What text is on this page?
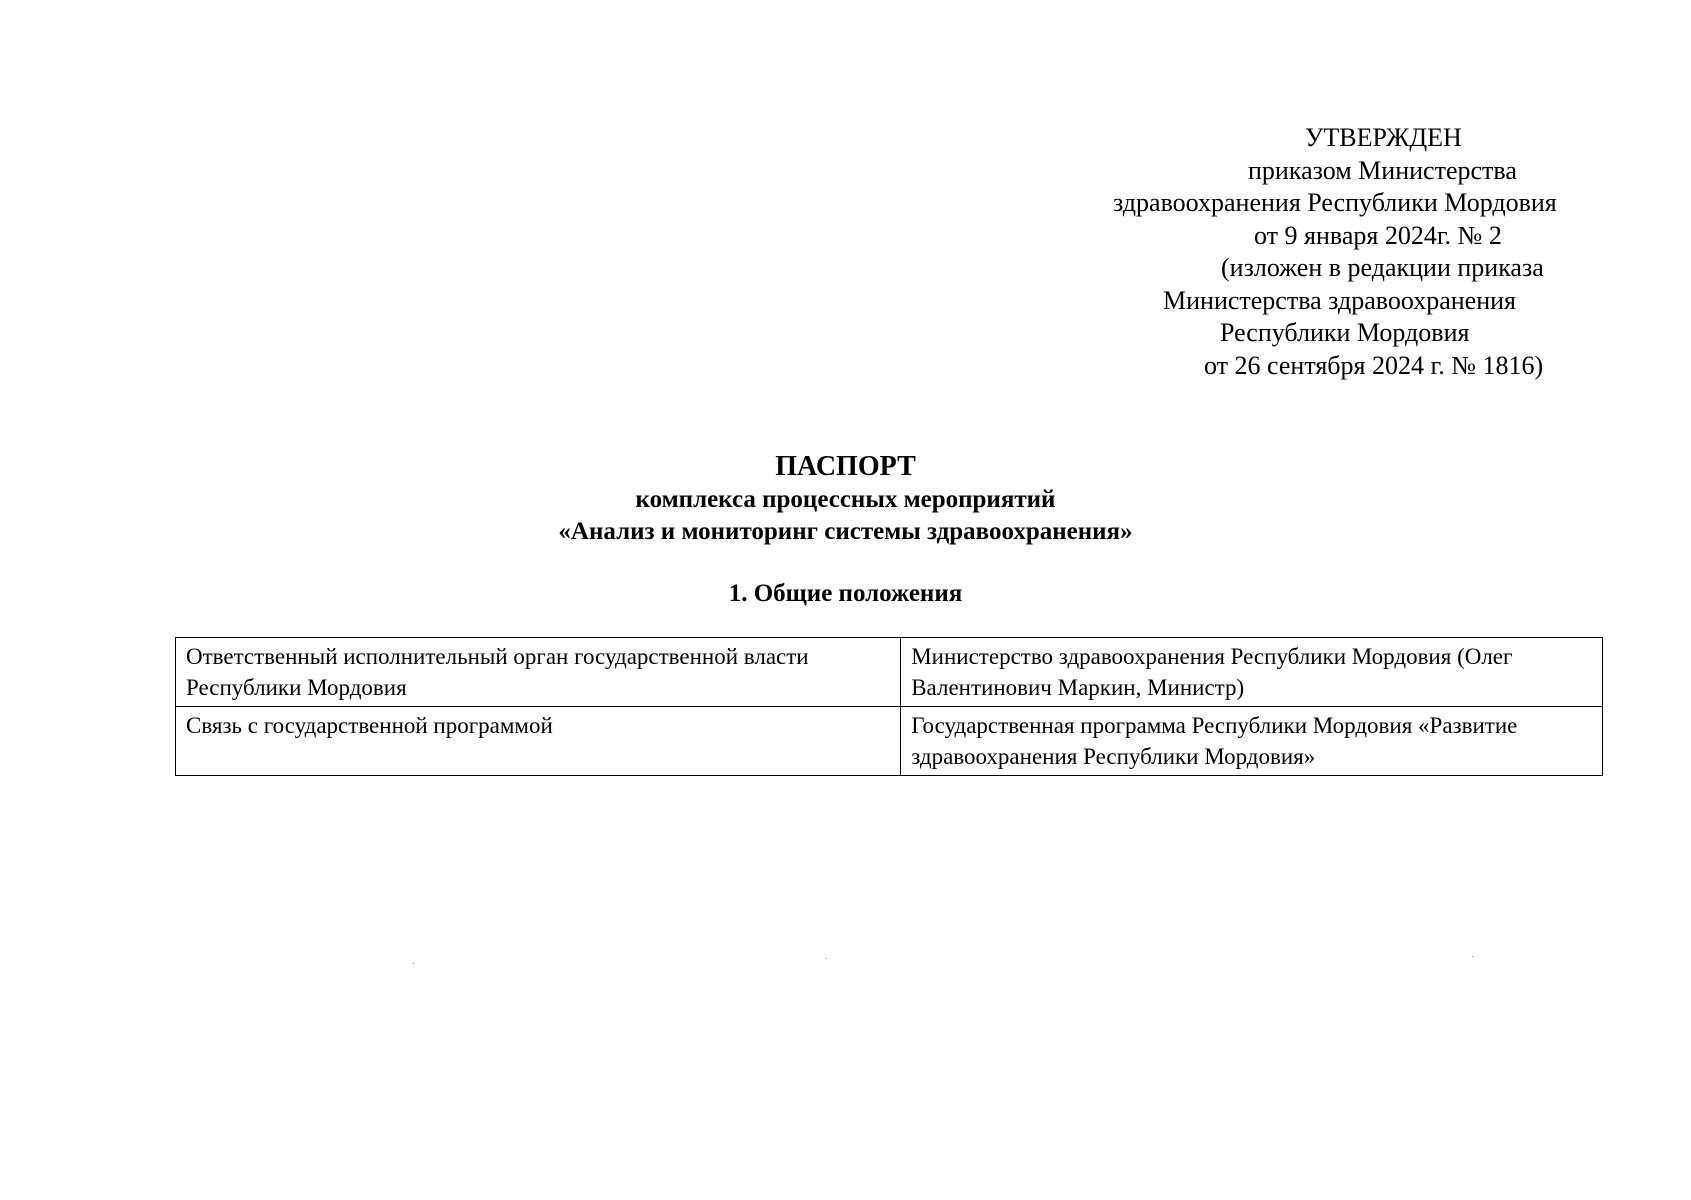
УТВЕРЖДЕН
приказом Министерства
здравоохранения Республики Мордовия
от 9 января 2024г. № 2
(изложен в редакции приказа
Министерства здравоохранения
Республики Мордовия
от 26 сентября 2024 г. № 1816)
ПАСПОРТ
комплекса процессных мероприятий
«Анализ и мониторинг системы здравоохранения»
1. Общие положения
Ответственный исполнительный орган государственной власти Республики Мордовия	Министерство здравоохранения Республики Мордовия (Олег Валентинович Маркин, Министр)
Связь с государственной программой	Государственная программа Республики Мордовия «Развитие здравоохранения Республики Мордовия»
